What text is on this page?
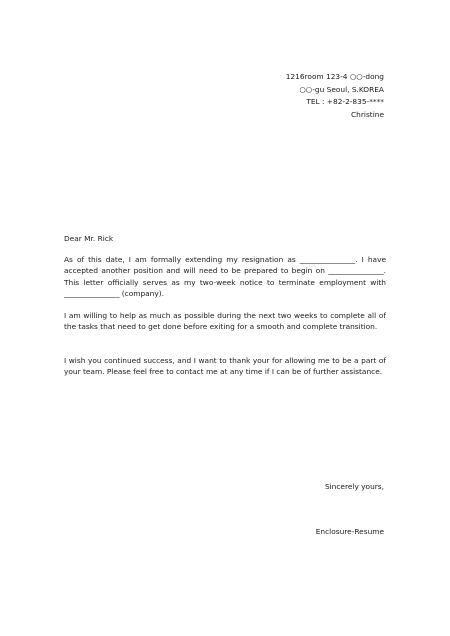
1216room 123-4 ○○-dong
○○-gu Seoul, S.KOREA
TEL : +82-2-835-****
Christine
Dear Mr. Rick
As of this date, I am formally extending my resignation as _______________. I have accepted another position and will need to be prepared to begin on _______________. This letter officially serves as my two-week notice to terminate employment with _______________ (company).
I am willing to help as much as possible during the next two weeks to complete all of the tasks that need to get done before exiting for a smooth and complete transition.
I wish you continued success, and I want to thank your for allowing me to be a part of your team. Please feel free to contact me at any time if I can be of further assistance.
Sincerely yours,
Enclosure-Resume
